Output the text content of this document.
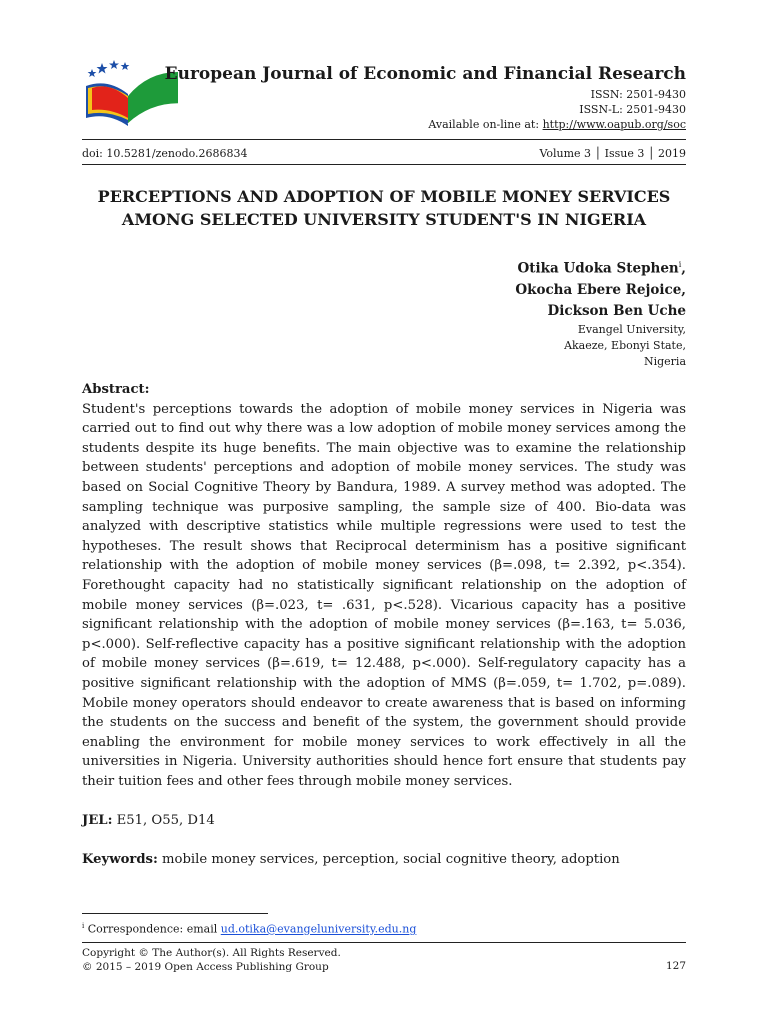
European Journal of Economic and Financial Research
ISSN: 2501-9430
ISSN-L: 2501-9430
Available on-line at: http://www.oapub.org/soc
doi: 10.5281/zenodo.2686834	Volume 3 │ Issue 3 │ 2019
PERCEPTIONS AND ADOPTION OF MOBILE MONEY SERVICES
AMONG SELECTED UNIVERSITY STUDENT'S IN NIGERIA
Otika Udoka Stephen$^i$,
Okocha Ebere Rejoice,
Dickson Ben Uche
Evangel University,
Akaeze, Ebonyi State,
Nigeria
Abstract:
Student's perceptions towards the adoption of mobile money services in Nigeria was carried out to find out why there was a low adoption of mobile money services among the students despite its huge benefits. The main objective was to examine the relationship between students' perceptions and adoption of mobile money services. The study was based on Social Cognitive Theory by Bandura, 1989. A survey method was adopted. The sampling technique was purposive sampling, the sample size of 400. Bio-data was analyzed with descriptive statistics while multiple regressions were used to test the hypotheses. The result shows that Reciprocal determinism has a positive significant relationship with the adoption of mobile money services (β=.098, t= 2.392, p<.354). Forethought capacity had no statistically significant relationship on the adoption of mobile money services (β=.023, t= .631, p<.528). Vicarious capacity has a positive significant relationship with the adoption of mobile money services (β=.163, t= 5.036, p<.000). Self-reflective capacity has a positive significant relationship with the adoption of mobile money services (β=.619, t= 12.488, p<.000). Self-regulatory capacity has a positive significant relationship with the adoption of MMS (β=.059, t= 1.702, p=.089). Mobile money operators should endeavor to create awareness that is based on informing the students on the success and benefit of the system, the government should provide enabling the environment for mobile money services to work effectively in all the universities in Nigeria. University authorities should hence fort ensure that students pay their tuition fees and other fees through mobile money services.
JEL: E51, O55, D14
Keywords: mobile money services, perception, social cognitive theory, adoption
$^i$ Correspondence: email ud.otika@evangeluniversity.edu.ng
Copyright © The Author(s). All Rights Reserved.
© 2015 – 2019 Open Access Publishing Group	127
